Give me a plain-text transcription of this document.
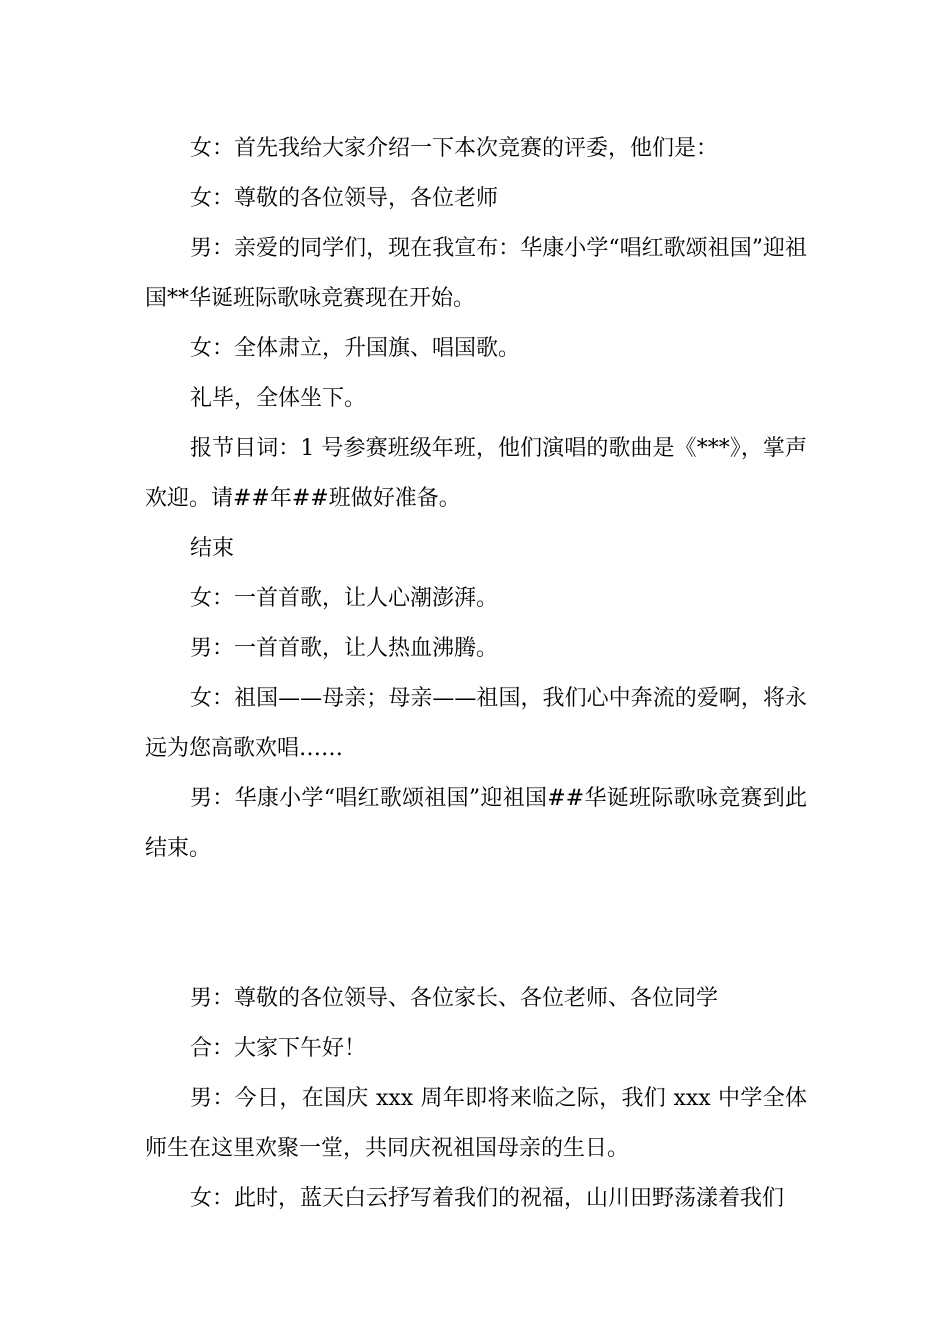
女：首先我给大家介绍一下本次竞赛的评委，他们是：

女：尊敬的各位领导，各位老师

男：亲爱的同学们，现在我宣布：华康小学“唱红歌颂祖国”迎祖国**华诞班际歌咏竞赛现在开始。

女：全体肃立，升国旗、唱国歌。

礼毕，全体坐下。

报节目词：1 号参赛班级年班，他们演唱的歌曲是《***》，掌声欢迎。请##年##班做好准备。

结束

女：一首首歌，让人心潮澎湃。

男：一首首歌，让人热血沸腾。

女：祖国——母亲；母亲——祖国，我们心中奔流的爱啊，将永远为您高歌欢唱……

男：华康小学“唱红歌颂祖国”迎祖国##华诞班际歌咏竞赛到此结束。

男：尊敬的各位领导、各位家长、各位老师、各位同学

合：大家下午好！

男：今日，在国庆 xxx 周年即将来临之际，我们 xxx 中学全体师生在这里欢聚一堂，共同庆祝祖国母亲的生日。

女：此时，蓝天白云抒写着我们的祝福，山川田野荡漾着我们
